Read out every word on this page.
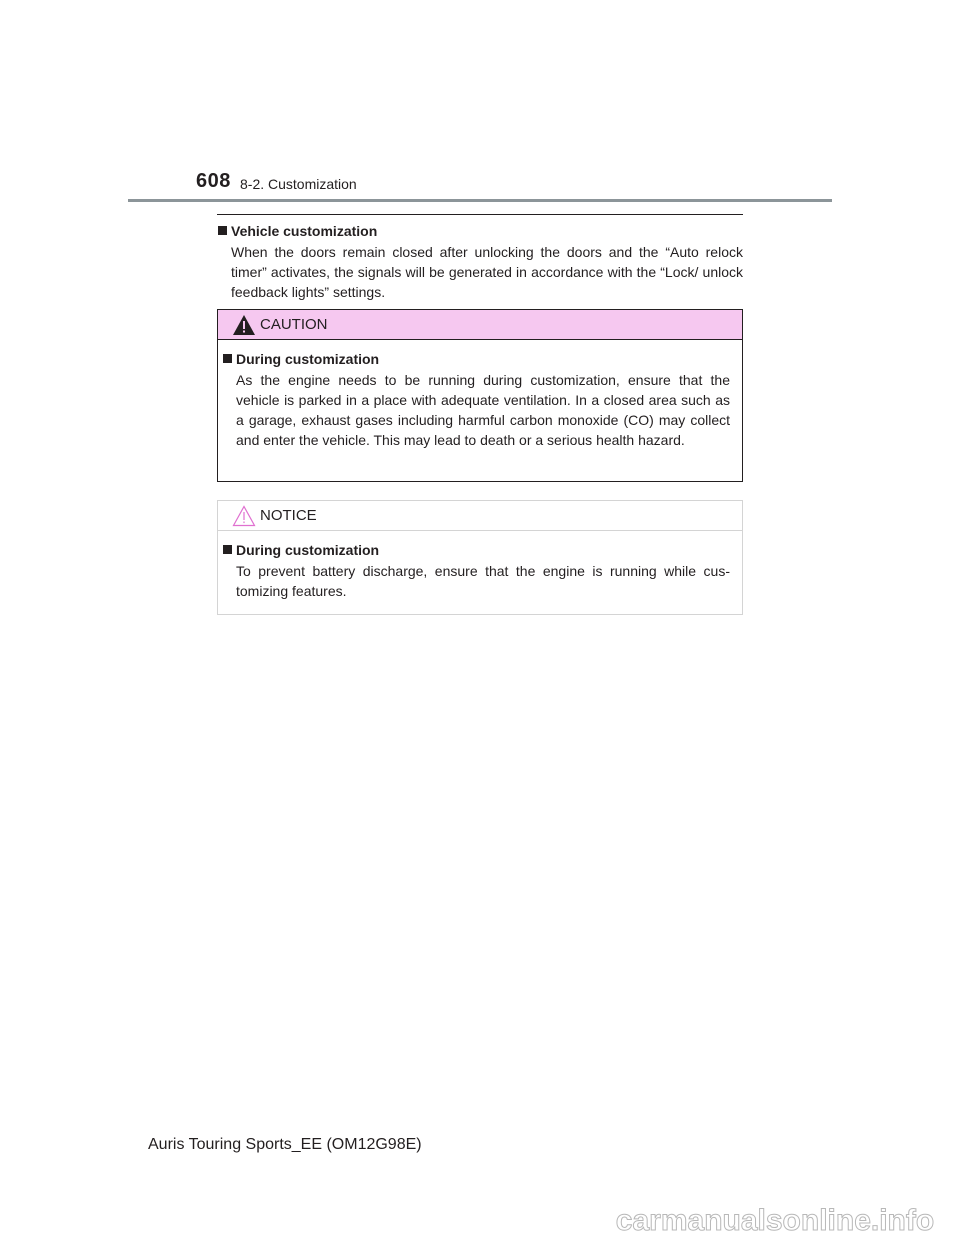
608 8-2. Customization
Vehicle customization
When the doors remain closed after unlocking the doors and the “Auto relock timer” activates, the signals will be generated in accordance with the “Lock/ unlock feedback lights” settings.
CAUTION
During customization
As the engine needs to be running during customization, ensure that the vehicle is parked in a place with adequate ventilation. In a closed area such as a garage, exhaust gases including harmful carbon monoxide (CO) may collect and enter the vehicle. This may lead to death or a serious health hazard.
NOTICE
During customization
To prevent battery discharge, ensure that the engine is running while cus- tomizing features.
Auris Touring Sports_EE (OM12G98E)
carmanualsonline.info
